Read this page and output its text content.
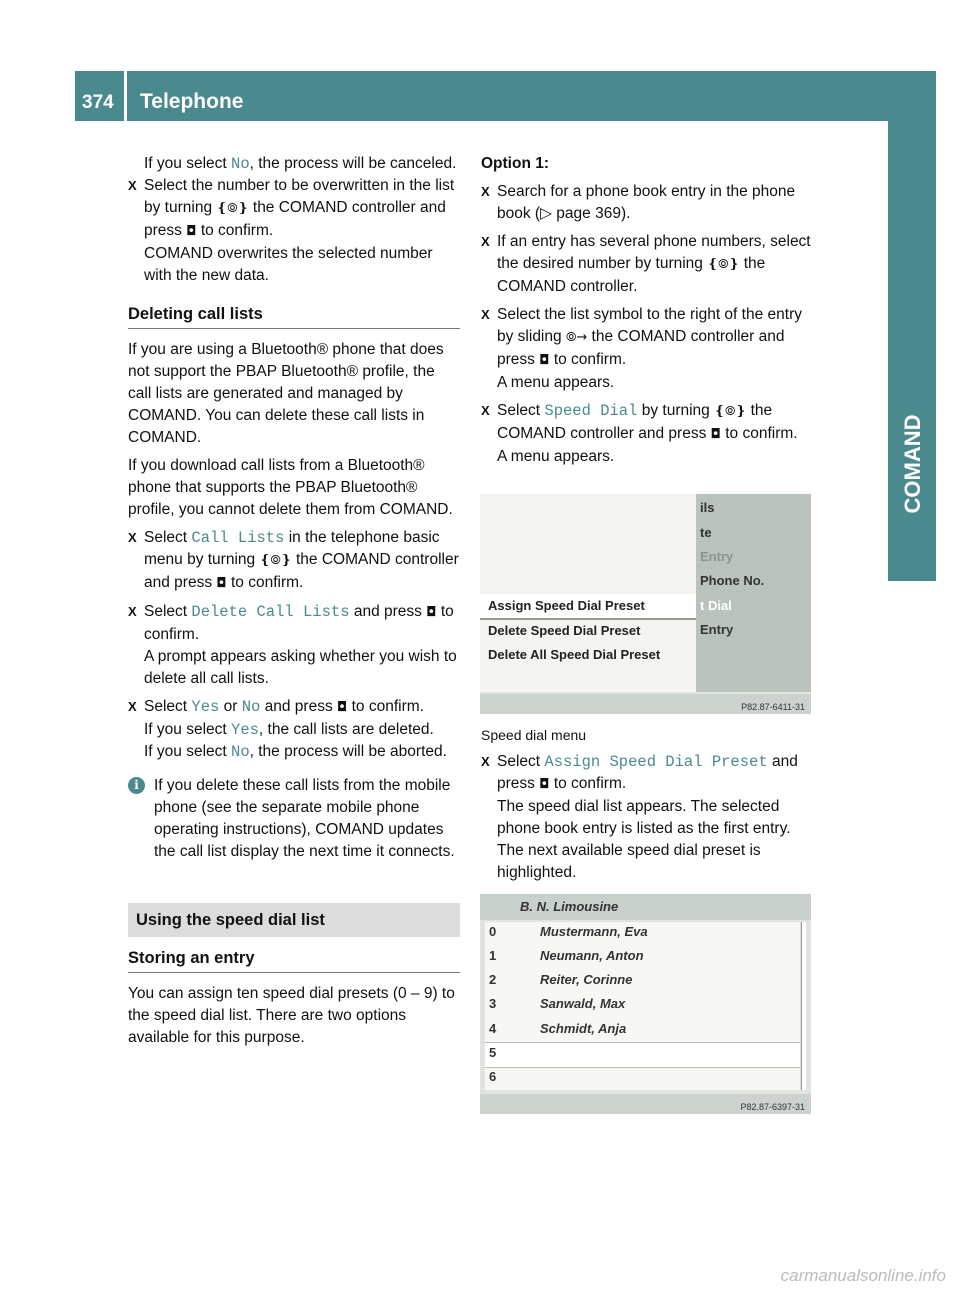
374 Telephone
COMAND

If you select No, the process will be canceled.

X Select the number to be overwritten in the list by turning ❴⦾❵ the COMAND controller and press ◘ to confirm.

COMAND overwrites the selected number with the new data.

Deleting call lists

If you are using a Bluetooth® phone that does not support the PBAP Bluetooth® profile, the call lists are generated and managed by COMAND. You can delete these call lists in COMAND.

If you download call lists from a Bluetooth® phone that supports the PBAP Bluetooth® profile, you cannot delete them from COMAND.

X Select Call Lists in the telephone basic menu by turning ❴⦾❵ the COMAND controller and press ◘ to confirm.

X Select Delete Call Lists and press ◘ to confirm.

A prompt appears asking whether you wish to delete all call lists.

X Select Yes or No and press ◘ to confirm.

If you select Yes, the call lists are deleted.

If you select No, the process will be aborted.

i If you delete these call lists from the mobile phone (see the separate mobile phone operating instructions), COMAND updates the call list display the next time it connects.

Using the speed dial list
Storing an entry

You can assign ten speed dial presets (0 – 9) to the speed dial list. There are two options available for this purpose.

Option 1:

X Search for a phone book entry in the phone book (▷ page 369).

X If an entry has several phone numbers, select the desired number by turning ❴⦾❵ the COMAND controller.

X Select the list symbol to the right of the entry by sliding ⦾→ the COMAND controller and press ◘ to confirm.

A menu appears.

X Select Speed Dial by turning ❴⦾❵ the COMAND controller and press ◘ to confirm.

A menu appears.

ils
te
Entry
Phone No.
t Dial
Entry
Assign Speed Dial Preset
Delete Speed Dial Preset
Delete All Speed Dial Preset
P82.87-6411-31
Speed dial menu

X Select Assign Speed Dial Preset and press ◘ to confirm.

The speed dial list appears. The selected phone book entry is listed as the first entry. The next available speed dial preset is highlighted.

B. N. Limousine
0	Mustermann, Eva
1	Neumann, Anton
2	Reiter, Corinne
3	Sanwald, Max
4	Schmidt, Anja
5
6
P82.87-6397-31
carmanualsonline.info
